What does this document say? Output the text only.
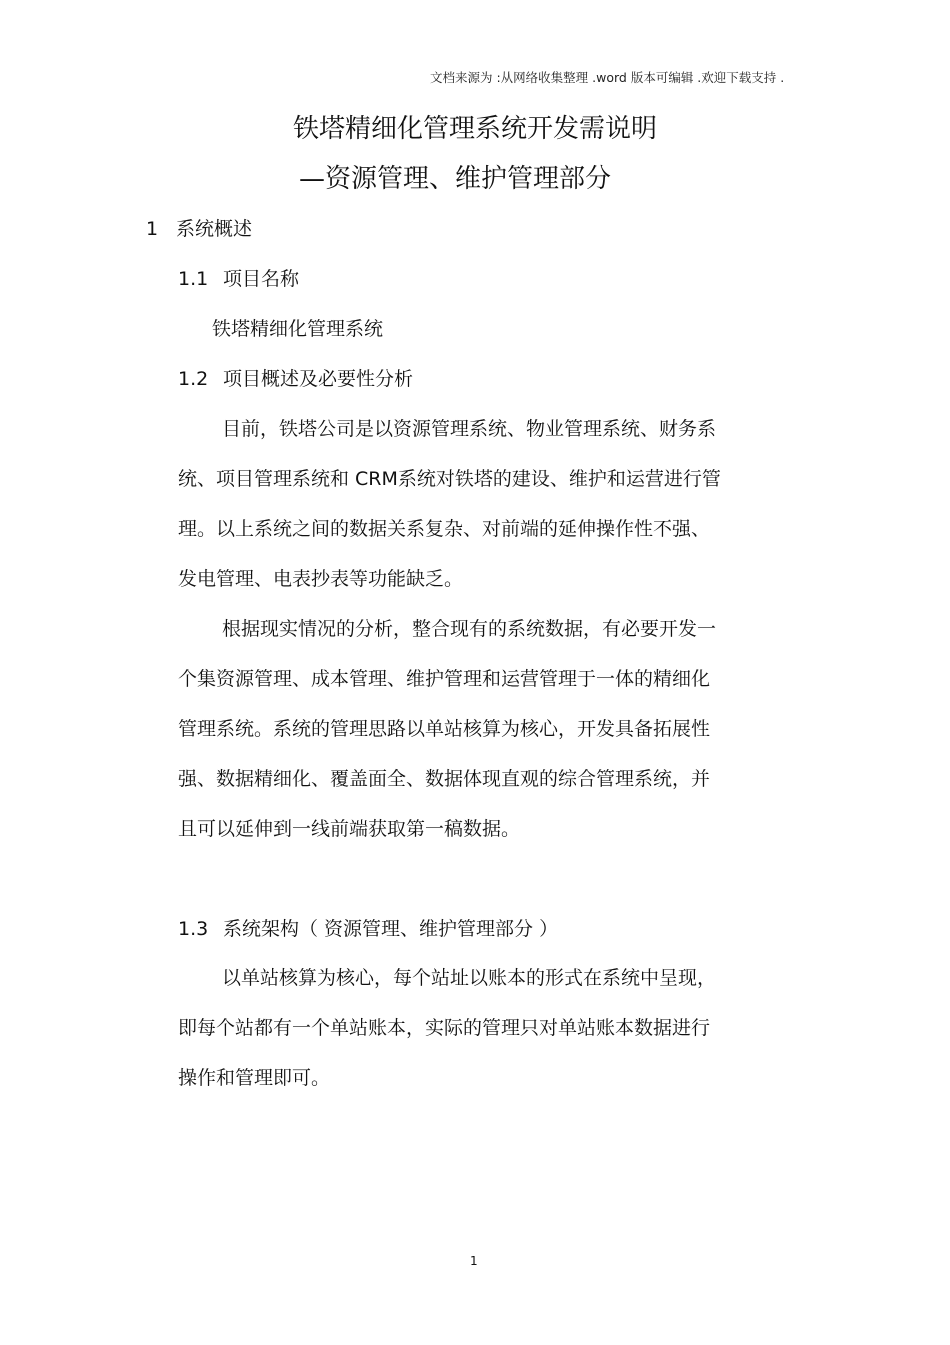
文档来源为 :从网络收集整理 .word 版本可编辑 .欢迎下载支持 .
铁塔精细化管理系统开发需说明
—资源管理、维护管理部分
1 系统概述
1.1 项目名称
铁塔精细化管理系统
1.2 项目概述及必要性分析
目前，铁塔公司是以资源管理系统、物业管理系统、财务系
统、项目管理系统和 CRM系统对铁塔的建设、维护和运营进行管
理。以上系统之间的数据关系复杂、对前端的延伸操作性不强、
发电管理、电表抄表等功能缺乏。
根据现实情况的分析，整合现有的系统数据，有必要开发一
个集资源管理、成本管理、维护管理和运营管理于一体的精细化
管理系统。系统的管理思路以单站核算为核心，开发具备拓展性
强、数据精细化、覆盖面全、数据体现直观的综合管理系统，并
且可以延伸到一线前端获取第一稿数据。
1.3 系统架构（ 资源管理、维护管理部分 ）
以单站核算为核心，每个站址以账本的形式在系统中呈现，
即每个站都有一个单站账本，实际的管理只对单站账本数据进行
操作和管理即可。
1
